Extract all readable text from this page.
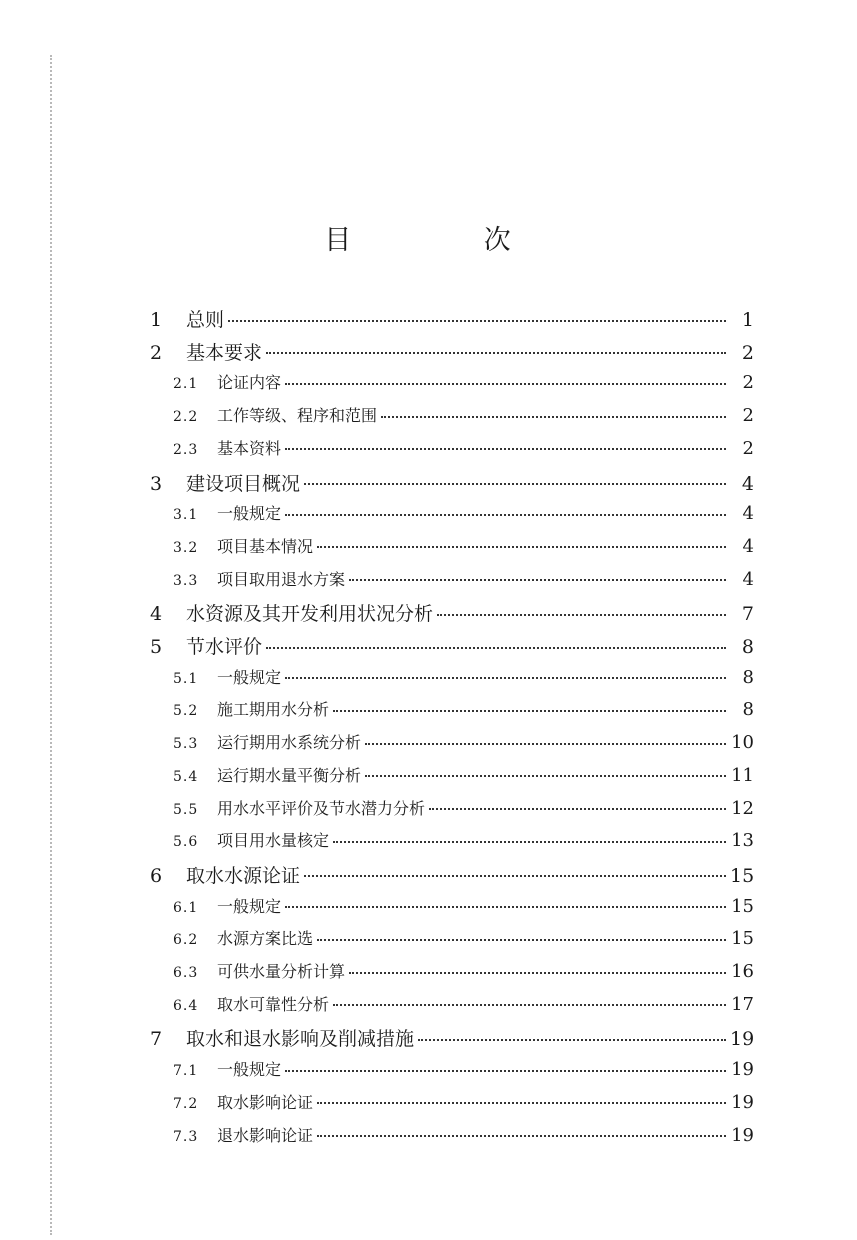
目 次
1	总则	1
2	基本要求	2
2.1	论证内容	2
2.2	工作等级、程序和范围	2
2.3	基本资料	2
3	建设项目概况	4
3.1	一般规定	4
3.2	项目基本情况	4
3.3	项目取用退水方案	4
4	水资源及其开发利用状况分析	7
5	节水评价	8
5.1	一般规定	8
5.2	施工期用水分析	8
5.3	运行期用水系统分析	10
5.4	运行期水量平衡分析	11
5.5	用水水平评价及节水潜力分析	12
5.6	项目用水量核定	13
6	取水水源论证	15
6.1	一般规定	15
6.2	水源方案比选	15
6.3	可供水量分析计算	16
6.4	取水可靠性分析	17
7	取水和退水影响及削减措施	19
7.1	一般规定	19
7.2	取水影响论证	19
7.3	退水影响论证	19
